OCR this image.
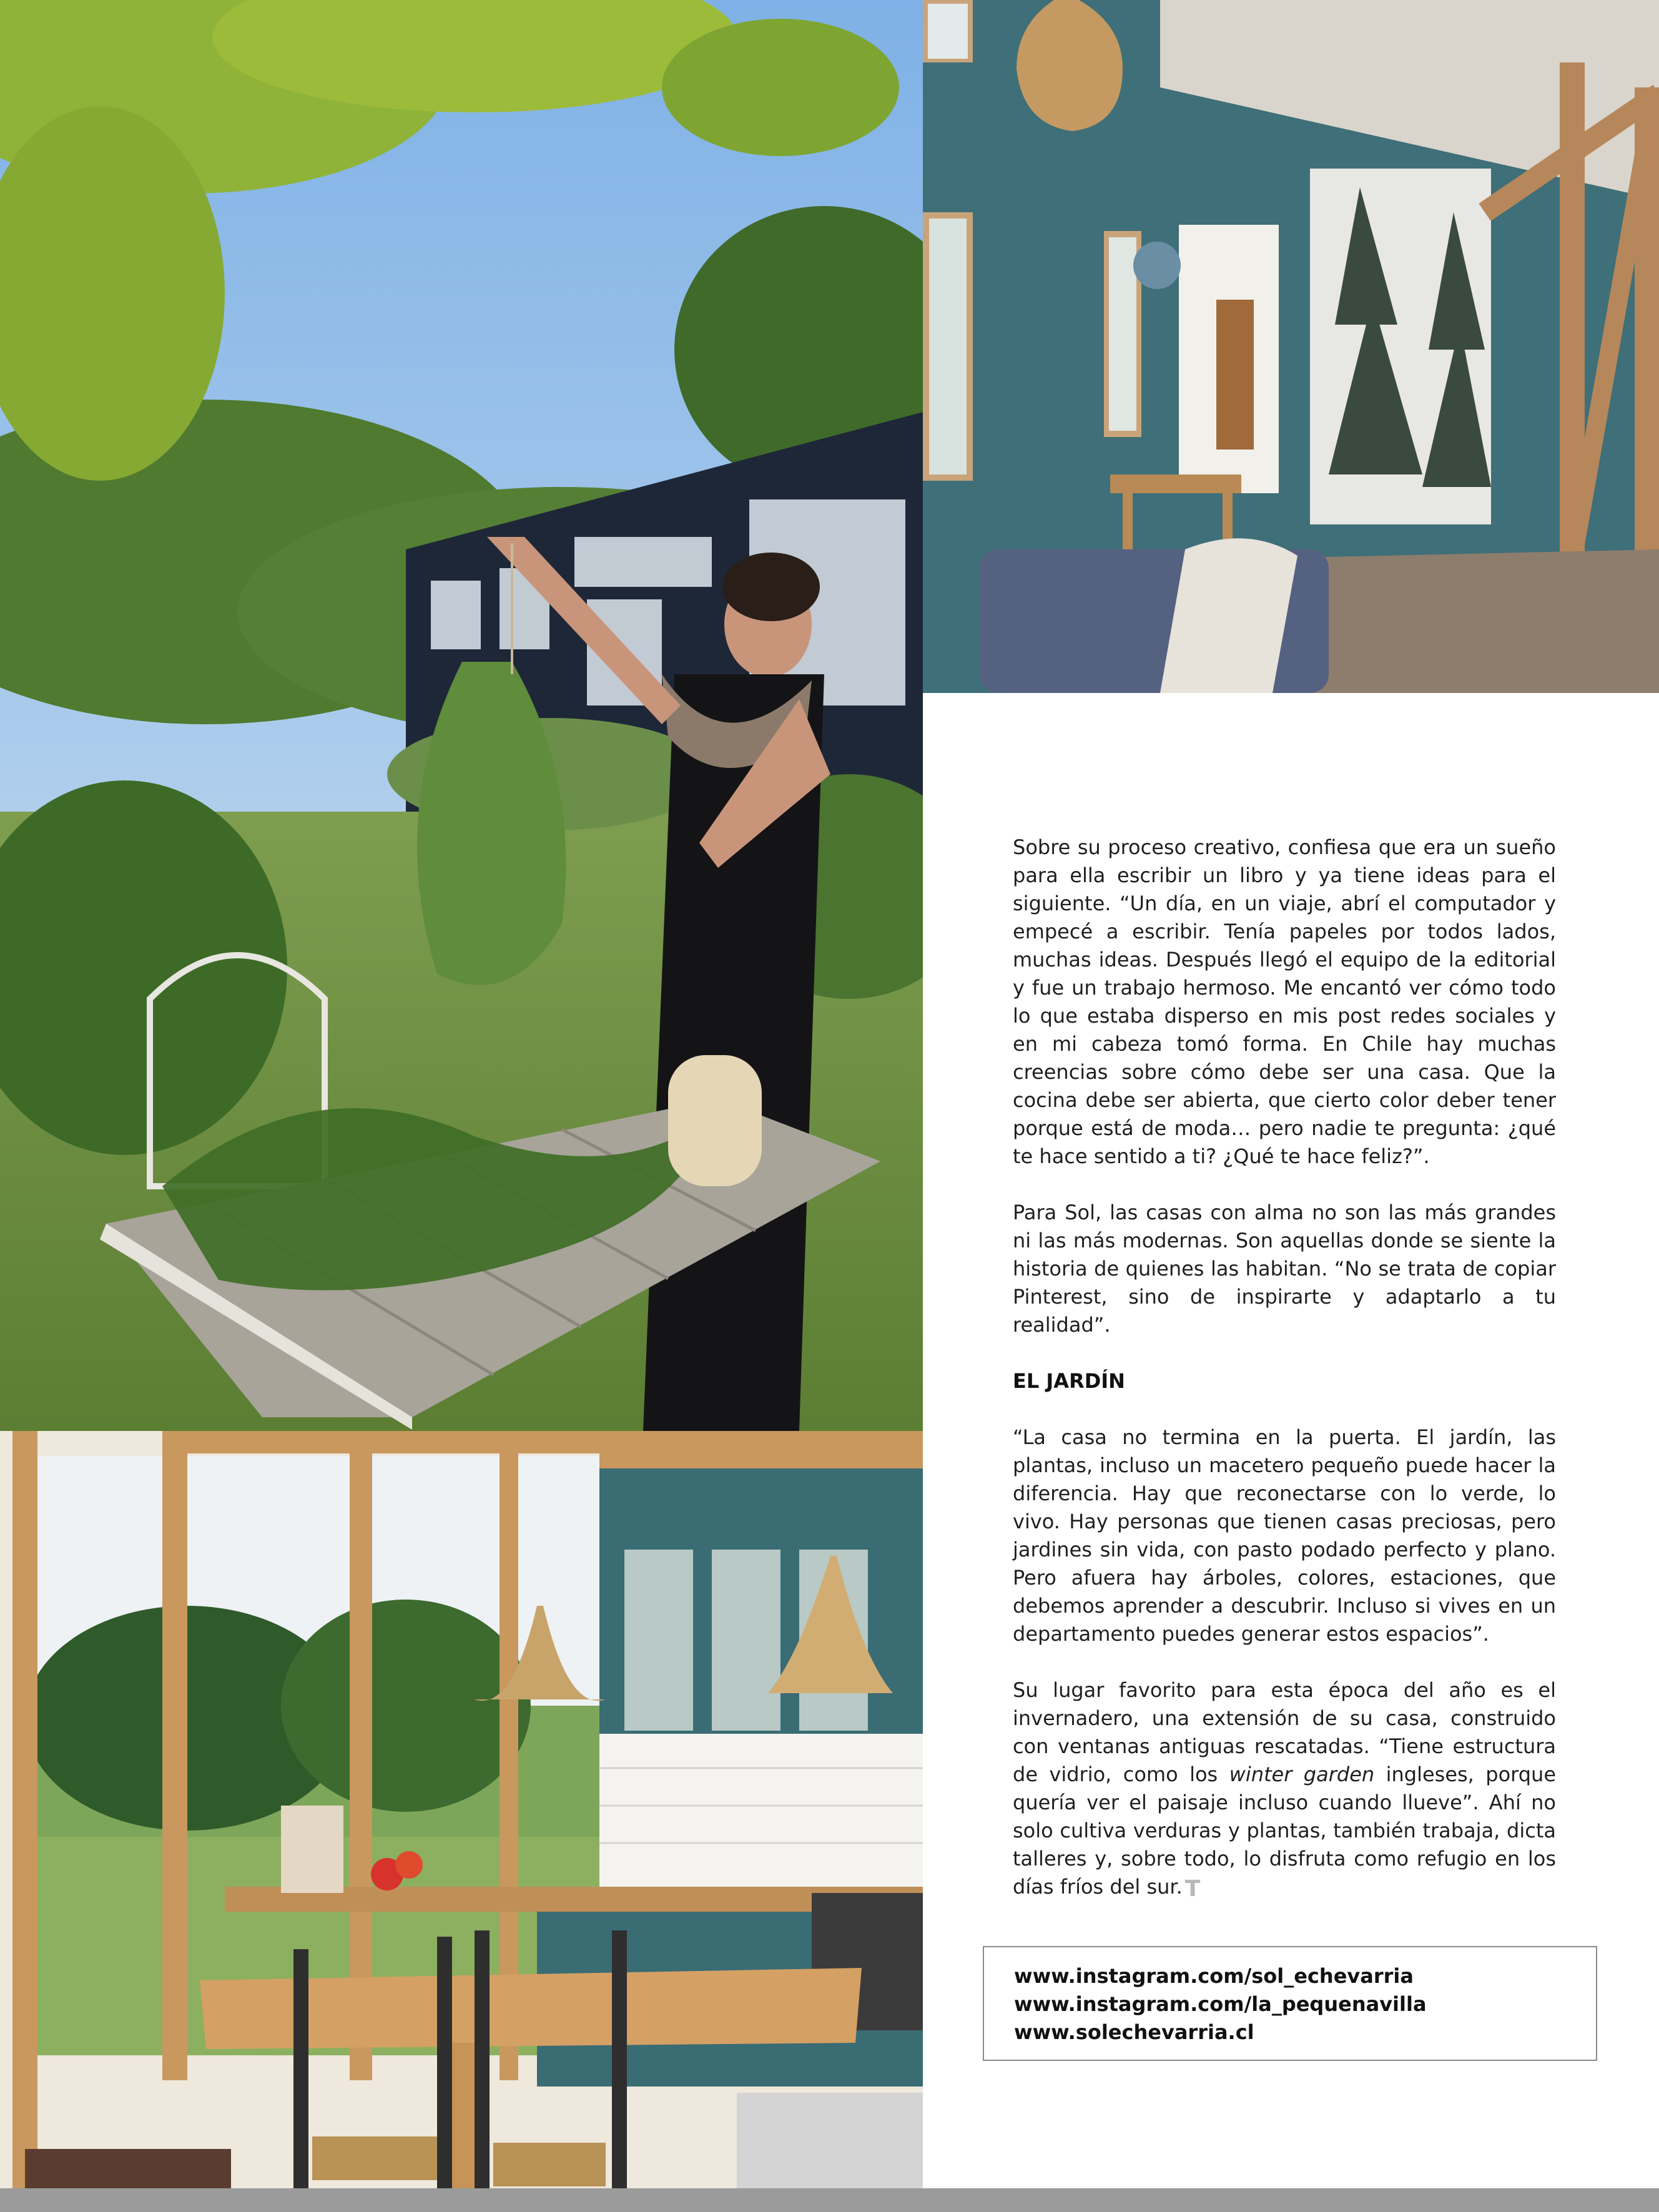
Sobre su proceso creativo, confiesa que era un sueño para ella escribir un libro y ya tiene ideas para el siguiente. “Un día, en un viaje, abrí el computador y empecé a escribir. Tenía papeles por todos lados, muchas ideas. Después llegó el equipo de la editorial y fue un trabajo hermoso. Me encantó ver cómo todo lo que estaba disperso en mis post redes sociales y en mi cabeza tomó forma. En Chile hay muchas creencias sobre cómo debe ser una casa. Que la cocina debe ser abierta, que cierto color deber tener porque está de moda… pero nadie te pregunta: ¿qué te hace sentido a ti? ¿Qué te hace feliz?”.

Para Sol, las casas con alma no son las más grandes ni las más modernas. Son aquellas donde se siente la historia de quienes las habitan. “No se trata de copiar Pinterest, sino de inspirarte y adaptarlo a tu realidad”.

EL JARDÍN

“La casa no termina en la puerta. El jardín, las plantas, incluso un macetero pequeño puede hacer la diferencia. Hay que reconectarse con lo verde, lo vivo. Hay personas que tienen casas preciosas, pero jardines sin vida, con pasto podado perfecto y plano. Pero afuera hay árboles, colores, estaciones, que debemos aprender a descubrir. Incluso si vives en un departamento puedes generar estos espacios”.

Su lugar favorito para esta época del año es el invernadero, una extensión de su casa, construido con ventanas antiguas rescatadas. “Tiene estructura de vidrio, como los winter garden ingleses, porque quería ver el paisaje incluso cuando llueve”. Ahí no solo cultiva verduras y plantas, también trabaja, dicta talleres y, sobre todo, lo disfruta como refugio en los días fríos del sur. T

www.instagram.com/sol_echevarria
www.instagram.com/la_pequenavilla
www.solechevarria.cl
